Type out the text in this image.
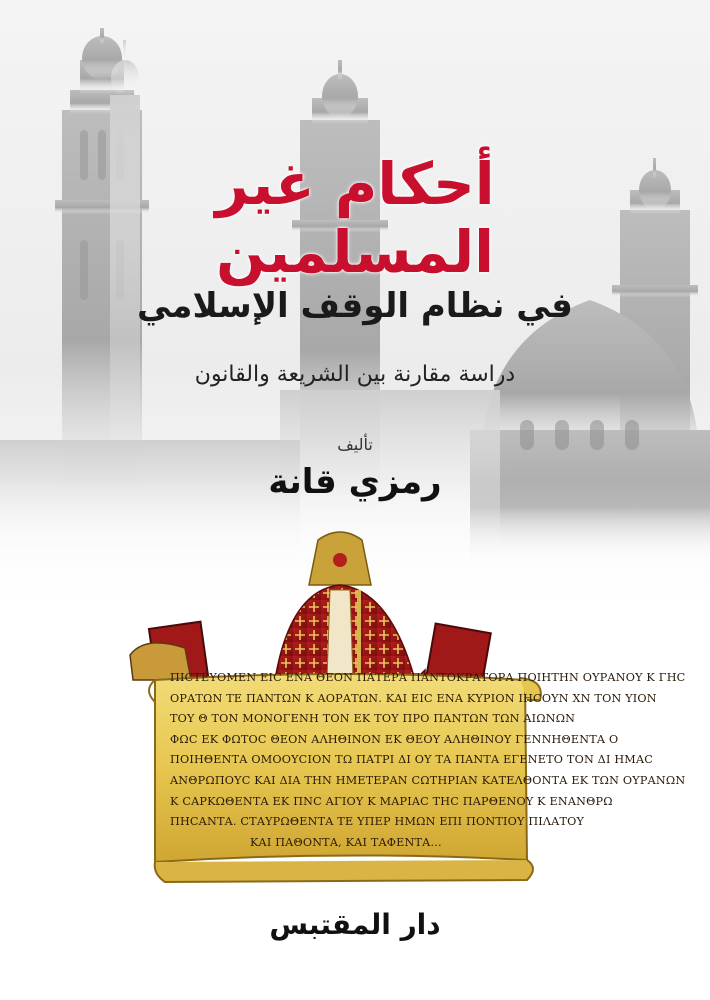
أحكام غير المسلمين
في نظام الوقف الإسلامي
دراسة مقارنة بين الشريعة والقانون
تأليف
رمزي قانة
ΠΙCΤΕΥΟΜΕΝ ΕΙC ΕΝΑ ΘΕΟΝ ΠΑΤΕΡΑ ΠΑΝΤΟΚΡΑΤΟΡΑ ΠΟΙΗΤΗΝ ΟΥΡΑΝΟΥ Κ ΓΗC
ΟΡΑΤΩΝ ΤΕ ΠΑΝΤΩΝ Κ ΑΟΡΑΤΩΝ. ΚΑΙ ΕΙC ΕΝΑ ΚΥΡΙΟΝ ΙΗCΟΥΝ ΧΝ ΤΟΝ ΥΙΟΝ
ΤΟΥ Θ ΤΟΝ ΜΟΝΟΓΕΝΗ ΤΟΝ ΕΚ ΤΟΥ ΠΡΟ ΠΑΝΤΩΝ ΤΩΝ ΑΙΩΝΩΝ
ΦΩC ΕΚ ΦΩΤΟC ΘΕΟΝ ΑΛΗΘΙΝΟΝ ΕΚ ΘΕΟΥ ΑΛΗΘΙΝΟΥ ΓΕΝΝΗΘΕΝΤΑ Ο
ΠΟΙΗΘΕΝΤΑ ΟΜΟΟΥCΙΟΝ ΤΩ ΠΑΤΡΙ ΔΙ ΟΥ ΤΑ ΠΑΝΤΑ ΕΓΕΝΕΤΟ ΤΟΝ ΔΙ ΗΜΑC
ΑΝΘΡΩΠΟΥC ΚΑΙ ΔΙΑ ΤΗΝ ΗΜΕΤΕΡΑΝ CΩΤΗΡΙΑΝ ΚΑΤΕΛΘΟΝΤΑ ΕΚ ΤΩΝ ΟΥΡΑΝΩΝ
Κ CΑΡΚΩΘΕΝΤΑ ΕΚ ΠΝC ΑΓΙΟΥ Κ ΜΑΡΙΑC ΤΗC ΠΑΡΘΕΝΟΥ Κ ΕΝΑΝΘΡΩ
ΠΗCΑΝΤΑ. CΤΑΥΡΩΘΕΝΤΑ ΤΕ ΥΠΕΡ ΗΜΩΝ ΕΠΙ ΠΟΝΤΙΟΥ ΠΙΛΑΤΟΥ
ΚΑΙ ΠΑΘΟΝΤΑ, ΚΑΙ ΤΑΦΕΝΤΑ...
دار المقتبس
